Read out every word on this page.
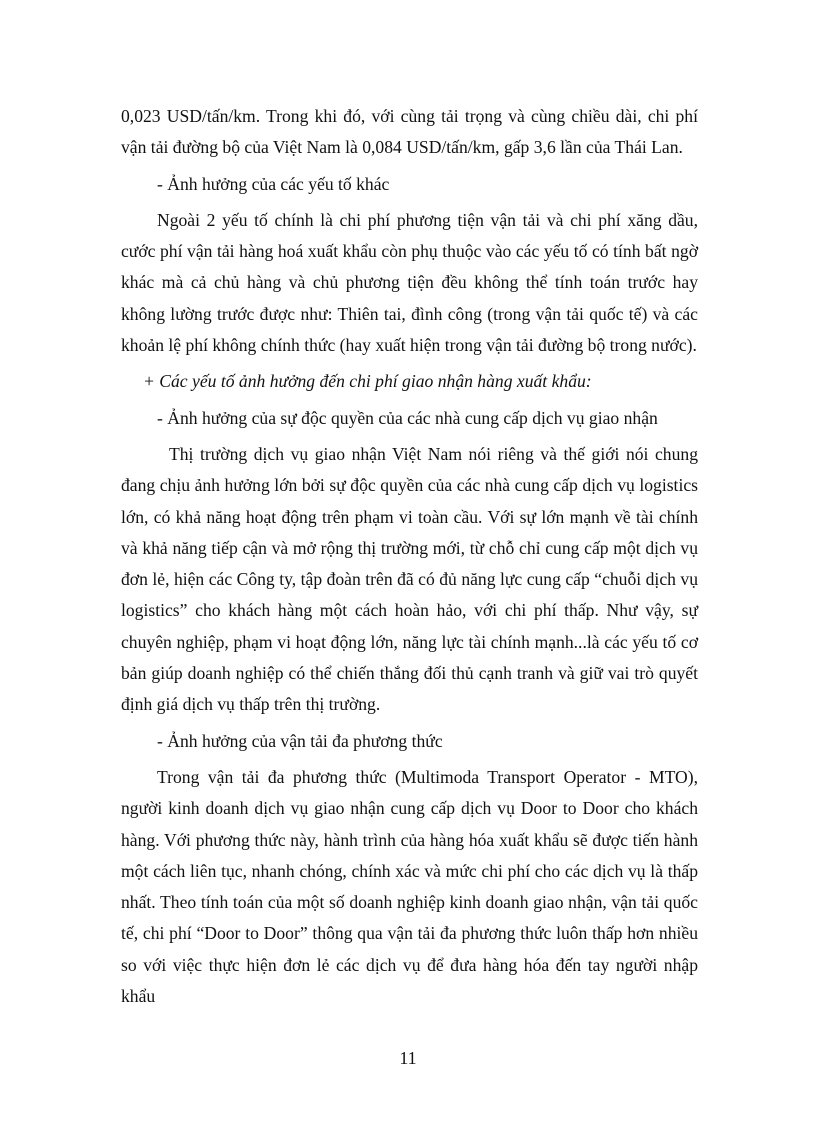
0,023 USD/tấn/km. Trong khi đó, với cùng tải trọng và cùng chiều dài, chi phí vận tải đường bộ của Việt Nam là 0,084 USD/tấn/km, gấp 3,6 lần của Thái Lan.

- Ảnh hưởng của các yếu tố khác

Ngoài 2 yếu tố chính là chi phí phương tiện vận tải và chi phí xăng dầu, cước phí vận tải hàng hoá xuất khẩu còn phụ thuộc vào các yếu tố có tính bất ngờ khác mà cả chủ hàng và chủ phương tiện đều không thể tính toán trước hay không lường trước được như: Thiên tai, đình công (trong vận tải quốc tế) và các khoản lệ phí không chính thức (hay xuất hiện trong vận tải đường bộ trong nước).

+ Các yếu tố ảnh hưởng đến chi phí giao nhận hàng xuất khẩu:

- Ảnh hưởng của sự độc quyền của các nhà cung cấp dịch vụ giao nhận

Thị trường dịch vụ giao nhận Việt Nam nói riêng và thế giới nói chung đang chịu ảnh hưởng lớn bởi sự độc quyền của các nhà cung cấp dịch vụ logistics lớn, có khả năng hoạt động trên phạm vi toàn cầu. Với sự lớn mạnh về tài chính và khả năng tiếp cận và mở rộng thị trường mới, từ chỗ chỉ cung cấp một dịch vụ đơn lẻ, hiện các Công ty, tập đoàn trên đã có đủ năng lực cung cấp “chuỗi dịch vụ logistics” cho khách hàng một cách hoàn hảo, với chi phí thấp. Như vậy, sự chuyên nghiệp, phạm vi hoạt động lớn, năng lực tài chính mạnh...là các yếu tố cơ bản giúp doanh nghiệp có thể chiến thắng đối thủ cạnh tranh và giữ vai trò quyết định giá dịch vụ thấp trên thị trường.

- Ảnh hưởng của vận tải đa phương thức

Trong vận tải đa phương thức (Multimoda Transport Operator - MTO), người kinh doanh dịch vụ giao nhận cung cấp dịch vụ Door to Door cho khách hàng. Với phương thức này, hành trình của hàng hóa xuất khẩu sẽ được tiến hành một cách liên tục, nhanh chóng, chính xác và mức chi phí cho các dịch vụ là thấp nhất. Theo tính toán của một số doanh nghiệp kinh doanh giao nhận, vận tải quốc tế, chi phí “Door to Door” thông qua vận tải đa phương thức luôn thấp hơn nhiều so với việc thực hiện đơn lẻ các dịch vụ để đưa hàng hóa đến tay người nhập khẩu

11
